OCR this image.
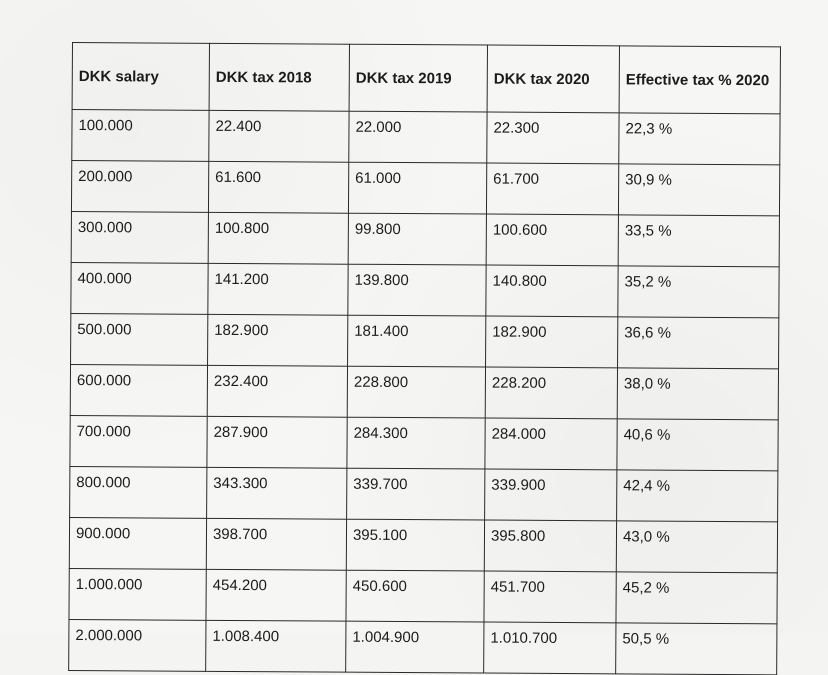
DKK salary	DKK tax 2018	DKK tax 2019	DKK tax 2020	Effective tax % 2020
100.000	22.400	22.000	22.300	22,3 %
200.000	61.600	61.000	61.700	30,9 %
300.000	100.800	99.800	100.600	33,5 %
400.000	141.200	139.800	140.800	35,2 %
500.000	182.900	181.400	182.900	36,6 %
600.000	232.400	228.800	228.200	38,0 %
700.000	287.900	284.300	284.000	40,6 %
800.000	343.300	339.700	339.900	42,4 %
900.000	398.700	395.100	395.800	43,0 %
1.000.000	454.200	450.600	451.700	45,2 %
2.000.000	1.008.400	1.004.900	1.010.700	50,5 %
